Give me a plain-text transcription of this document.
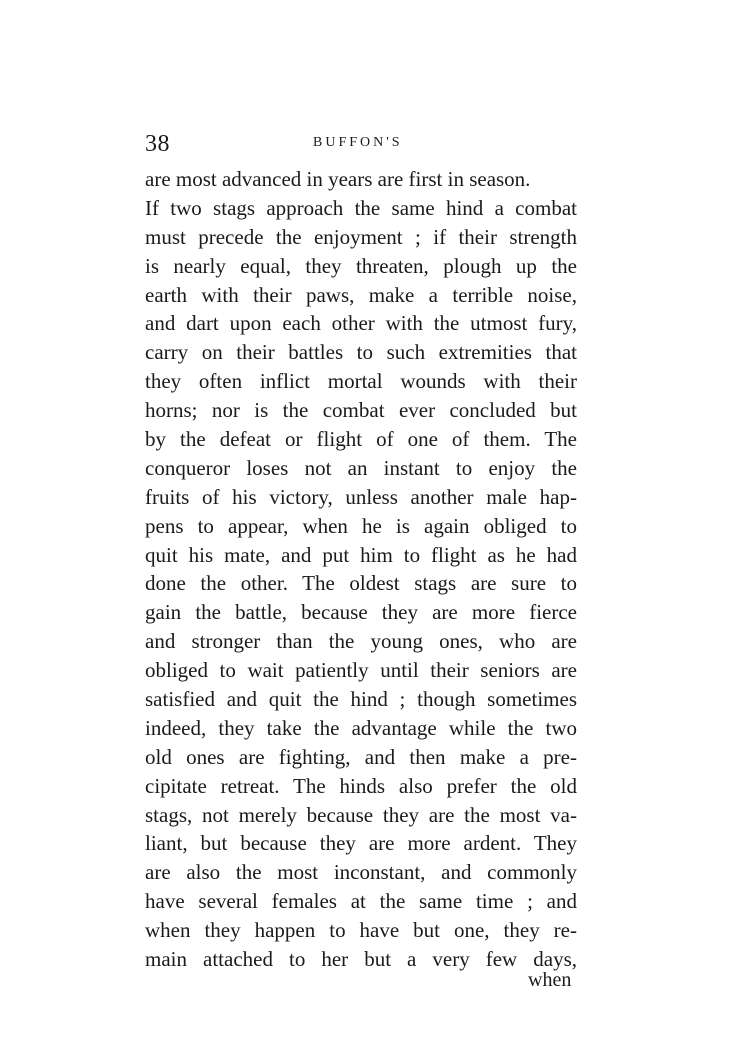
38	BUFFON'S
are most advanced in years are first in season.
If two stags approach the same hind a combat
must precede the enjoyment ; if their strength
is nearly equal, they threaten, plough up the
earth with their paws, make a terrible noise,
and dart upon each other with the utmost fury,
carry on their battles to such extremities that
they often inflict mortal wounds with their
horns; nor is the combat ever concluded but
by the defeat or flight of one of them. The
conqueror loses not an instant to enjoy the
fruits of his victory, unless another male hap-
pens to appear, when he is again obliged to
quit his mate, and put him to flight as he had
done the other. The oldest stags are sure to
gain the battle, because they are more fierce
and stronger than the young ones, who are
obliged to wait patiently until their seniors are
satisfied and quit the hind ; though sometimes
indeed, they take the advantage while the two
old ones are fighting, and then make a pre-
cipitate retreat. The hinds also prefer the old
stags, not merely because they are the most va-
liant, but because they are more ardent. They
are also the most inconstant, and commonly
have several females at the same time ; and
when they happen to have but one, they re-
main attached to her but a very few days,
when
